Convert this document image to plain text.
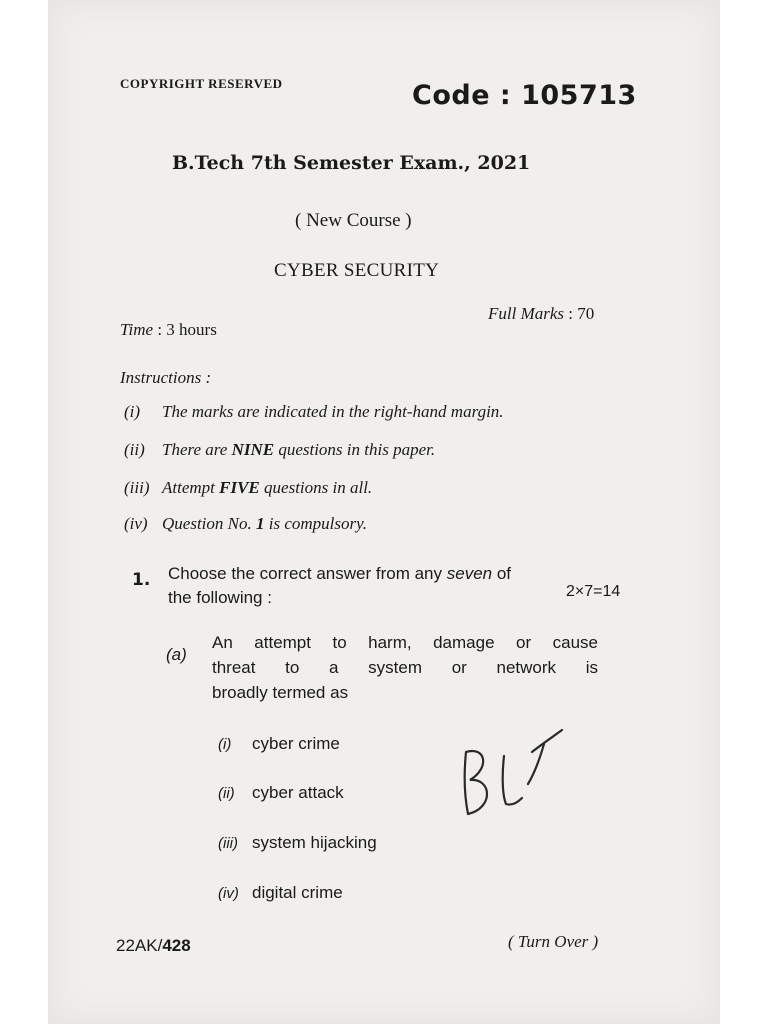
COPYRIGHT RESERVED	Code : 105713
B.Tech 7th Semester Exam., 2021
( New Course )
CYBER SECURITY
Time : 3 hours
Full Marks : 70
Instructions :
(i) The marks are indicated in the right-hand margin.
(ii) There are NINE questions in this paper.
(iii) Attempt FIVE questions in all.
(iv) Question No. 1 is compulsory.
1. Choose the correct answer from any seven of
the following :	2×7=14
(a)
An attempt to harm, damage or cause
threat to a system or network is
broadly termed as
(i) cyber crime
(ii) cyber attack
(iii) system hijacking
(iv) digital crime
22AK/428	( Turn Over )
